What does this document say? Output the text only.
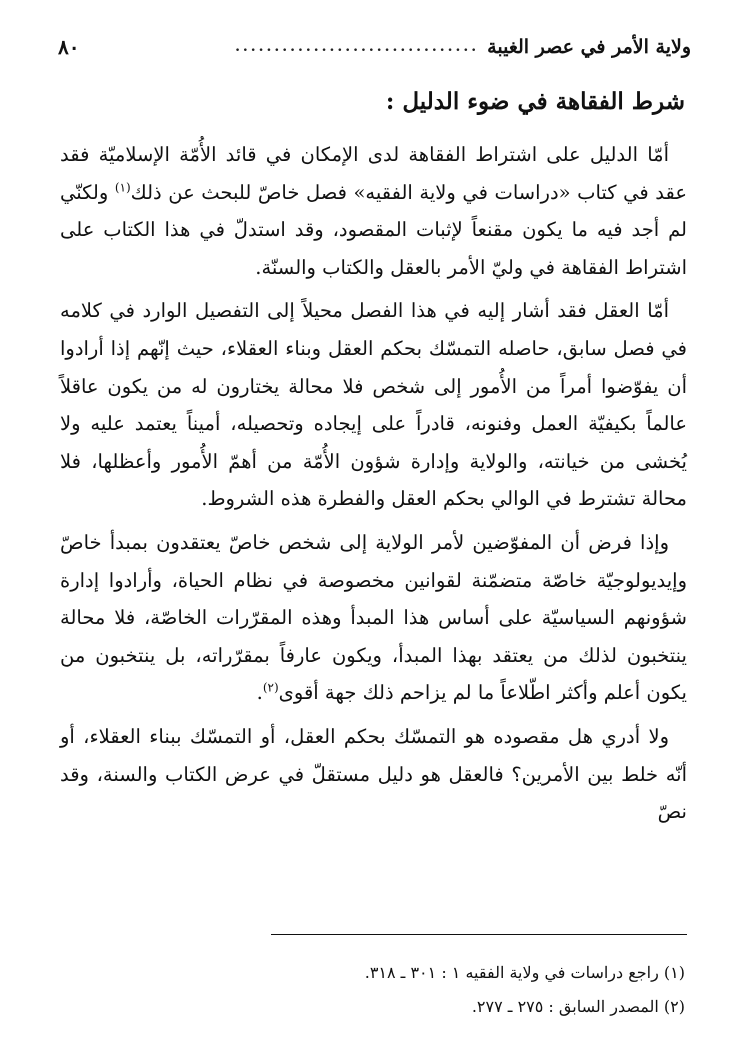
ولاية الأمر في عصر الغيبة
...............................
٨٠
شرط الفقاهة في ضوء الدليل :

أمّا الدليل على اشتراط الفقاهة لدى الإمكان في قائد الأُمّة الإسلاميّة فقد عقد في كتاب «دراسات في ولاية الفقيه» فصل خاصّ للبحث عن ذلك$^{(١)}$ ولكنّي لم أجد فيه ما يكون مقنعاً لإثبات المقصود، وقد استدلّ في هذا الكتاب على اشتراط الفقاهة في وليّ الأمر بالعقل والكتاب والسنّة.

أمّا العقل فقد أشار إليه في هذا الفصل محيلاً إلى التفصيل الوارد في كلامه في فصل سابق، حاصله التمسّك بحكم العقل وبناء العقلاء، حيث إنّهم إذا أرادوا أن يفوّضوا أمراً من الأُمور إلى شخص فلا محالة يختارون له من يكون عاقلاً عالماً بكيفيّة العمل وفنونه، قادراً على إيجاده وتحصيله، أميناً يعتمد عليه ولا يُخشى من خيانته، والولاية وإدارة شؤون الأُمّة من أهمّ الأُمور وأعظلها، فلا محالة تشترط في الوالي بحكم العقل والفطرة هذه الشروط.

وإذا فرض أن المفوّضين لأمر الولاية إلى شخص خاصّ يعتقدون بمبدأ خاصّ وإيديولوجيّة خاصّة متضمّنة لقوانين مخصوصة في نظام الحياة، وأرادوا إدارة شؤونهم السياسيّة على أساس هذا المبدأ وهذه المقرّرات الخاصّة، فلا محالة ينتخبون لذلك من يعتقد بهذا المبدأ، ويكون عارفاً بمقرّراته، بل ينتخبون من يكون أعلم وأكثر اطّلاعاً ما لم يزاحم ذلك جهة أقوى$^{(٢)}$.

ولا أدري هل مقصوده هو التمسّك بحكم العقل، أو التمسّك ببناء العقلاء، أو أنّه خلط بين الأمرين؟ فالعقل هو دليل مستقلّ في عرض الكتاب والسنة، وقد نصّ

(١) راجع دراسات في ولاية الفقيه ١ : ٣٠١ ـ ٣١٨.
(٢) المصدر السابق : ٢٧٥ ـ ٢٧٧.
